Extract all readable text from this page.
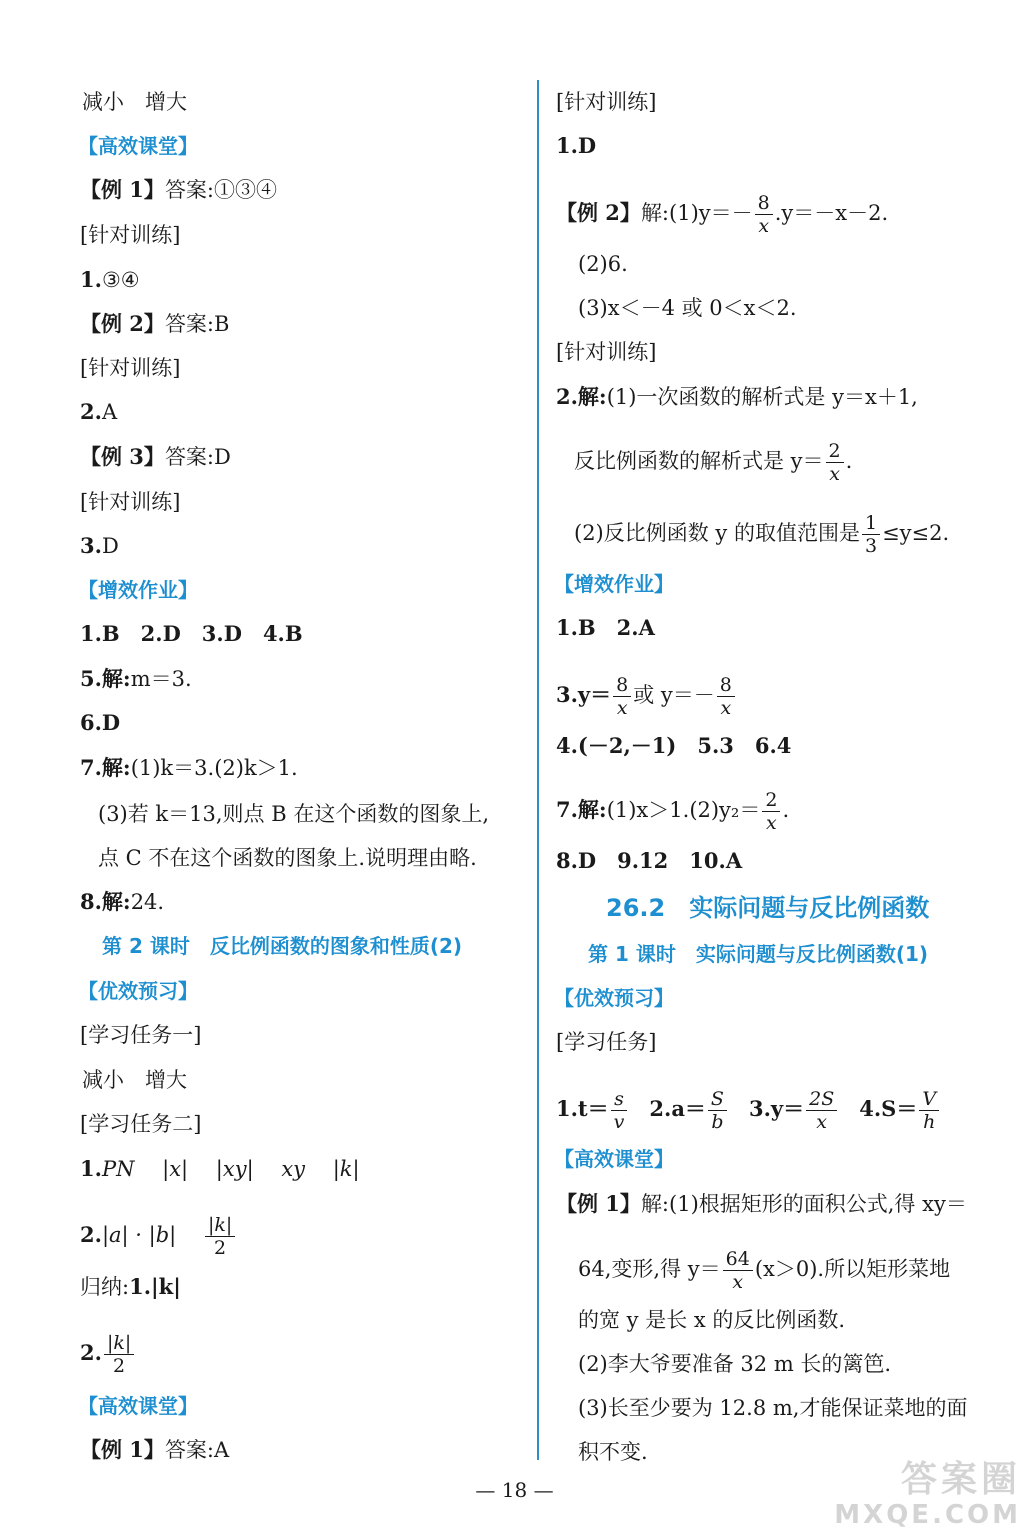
减小　增大
【高效课堂】
【例 1】答案:①③④
[针对训练]
1.③④
【例 2】答案:B
[针对训练]
2.A
【例 3】答案:D
[针对训练]
3.D
【增效作业】
1.B　2.D　3.D　4.B
5.解:m＝3.
6.D
7.解:(1)k＝3.(2)k＞1.
(3)若 k＝13,则点 B 在这个函数的图象上,
点 C 不在这个函数的图象上.说明理由略.
8.解:24.
第 2 课时　反比例函数的图象和性质(2)
【优效预习】
[学习任务一]
减小　增大
[学习任务二]
1.PN　 |x|　 |xy|　 xy　 |k|
$2.|a| \cdot |b| \frac{|k|}{2}$
归纳:1.|k|
2. $\frac{|k|}{2}$
【高效课堂】
【例 1】答案:A
[针对训练]
1.D
【例 2】解:(1)y＝－ $\frac{8}{x} .y=-x-2$.
(2)6.
(3)x＜－4 或 0＜x＜2.
[针对训练]
2.解:(1)一次函数的解析式是 y＝x＋1,
反比例函数的解析式是 $y= \frac{2}{x}$ .
(2)反比例函数 y 的取值范围是 $\frac{1}{3} \le y\le 2$.
【增效作业】
1.B　2.A
$3.y= \frac{8}{x}$ 或 $y=- \frac{8}{x}$
4.(－2,－1)　5.3　6.4
7.解:(1)x＞1.(2)y₂＝ $\frac{2}{x}$ .
8.D　9.12　10.A
26.2　实际问题与反比例函数
第 1 课时　实际问题与反比例函数(1)
【优效预习】
[学习任务]
$1.t= \frac{s}{v} 2.a= \frac{S}{b} 3.y= \frac{2S}{x} 4.S= \frac{V}{h}$
【高效课堂】
【例 1】解:(1)根据矩形的面积公式,得 xy＝
64,变形,得 $y= \frac{64}{x} (x>0)$.所以矩形菜地
的宽 y 是长 x 的反比例函数.
(2)李大爷要准备 32 m 长的篱笆.
(3)长至少要为 12.8 m,才能保证菜地的面
积不变.
— 18 —	答案圈
MXQE.COM
